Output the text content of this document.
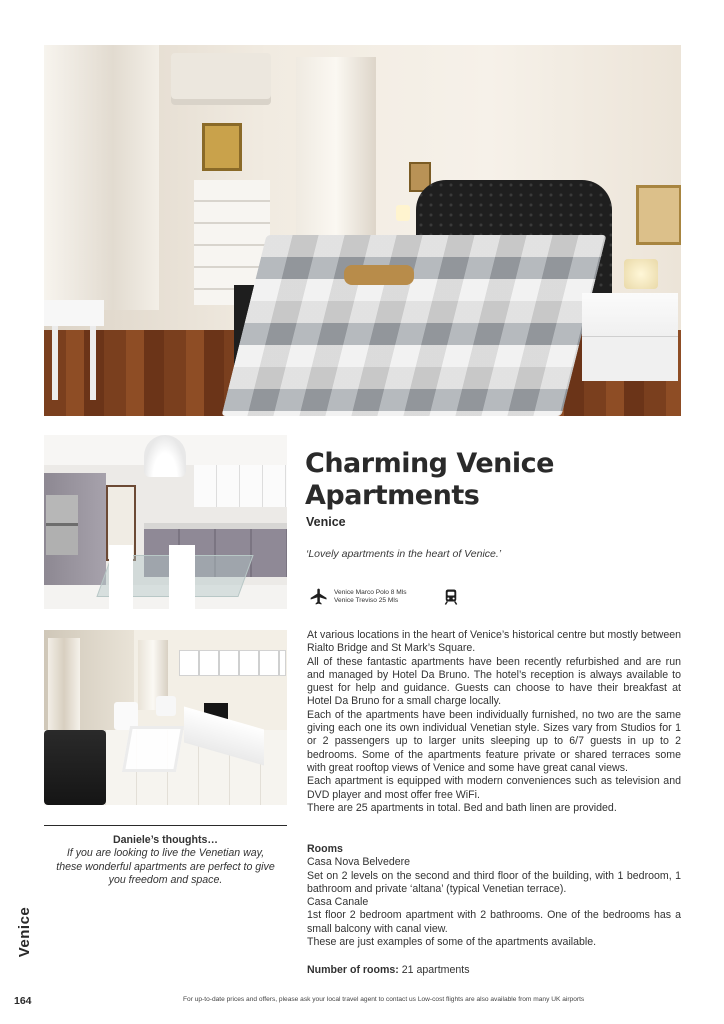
Charming Venice Apartments
Venice
‘Lovely apartments in the heart of Venice.’
Venice Marco Polo 8 Mls
Venice Treviso 25 Mls

At various locations in the heart of Venice’s historical centre but mostly between Rialto Bridge and St Mark’s Square.

All of these fantastic apartments have been recently refurbished and are run and managed by Hotel Da Bruno. The hotel’s reception is always available to guest for help and guidance. Guests can choose to have their breakfast at Hotel Da Bruno for a small charge locally.

Each of the apartments have been individually furnished, no two are the same giving each one its own individual Venetian style. Sizes vary from Studios for 1 or 2 passengers up to larger units sleeping up to 6/7 guests in up to 2 bedrooms. Some of the apartments feature private or shared terraces some with great rooftop views of Venice and some have great canal views.

Each apartment is equipped with modern conveniences such as television and DVD player and most offer free WiFi.

There are 25 apartments in total. Bed and bath linen are provided.

Rooms

Casa Nova Belvedere

Set on 2 levels on the second and third floor of the building, with 1 bedroom, 1 bathroom and private ‘altana’ (typical Venetian terrace).

Casa Canale

1st floor 2 bedroom apartment with 2 bathrooms. One of the bedrooms has a small balcony with canal view.

These are just examples of some of the apartments available.

Number of rooms: 21 apartments
Daniele’s thoughts…
If you are looking to live the Venetian way, these wonderful apartments are perfect to give you freedom and space.
Venice
164	For up-to-date prices and offers, please ask your local travel agent to contact us Low-cost flights are also available from many UK airports
